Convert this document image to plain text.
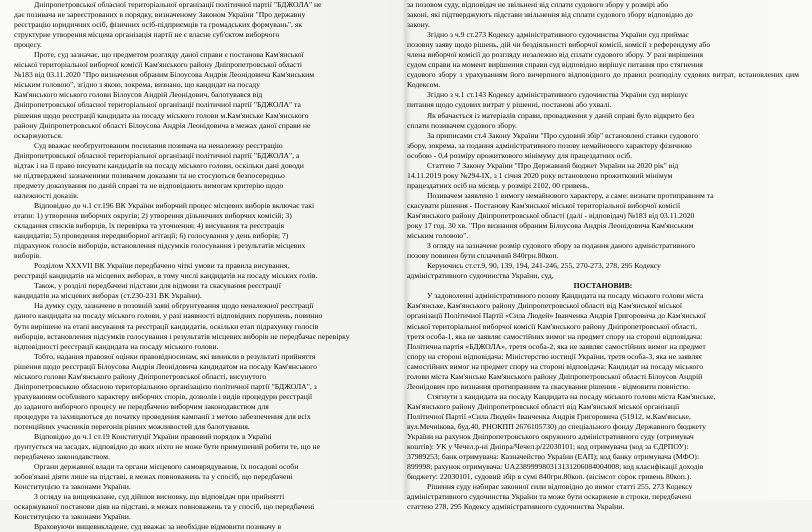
Дніпропетровської обласної територіальної організації політичної партії "БДЖОЛА" не

дає позивача не зареєстрованих в порядку, визначеному Законом України "Про державну

реєстрацію юридичних осіб, фізичних осіб-підприємців та громадських формувань", як

структурне утворення місцева організація партії не є власне суб'єктом виборчого

процесу.

Проте, суд зазначає, що предметом розгляду даної справи є постанова Кам'янської

міської територіальної виборчої комісії Кам'янського району Дніпропетровської області

№183 від 03.11.2020 "Про визначення обраним Білоусова Андрія Леонідовича Кам'янським

міським головою", згідно з якою, зокрема, визнано, що кандидат на посаду

Кам'янського міського голови Білоусов Андрій Леонідович, балотувався від

Дніпропетровської обласної територіальної організації політичної партії "БДЖОЛА" та

рішення щодо реєстрації кандидата на посаду міського голови м.Кам'янське Кам'янського

району Дніпропетровської області Білоусова Андрія Леонідовича в межах даної справи не

оскаржуються.

Суд вважає необґрунтованим посилання позивача на неналежну реєстрацію

Дніпропетровської обласної територіальної організації політичної партії "БДЖОЛА", а

відтак і на її право висувати кандидатів на посаду міського голови, оскільки дані доводи

не підтверджені зазначеними позивачем доказами та не стосуються безпосередньо

предмету доказування по даній справі та не відповідають вимогам критерію щодо

належності доказів.

Відповідно до ч.1 ст.196 ВК України виборчий процес місцевих виборів включає такі

етапи: 1) утворення виборчих округів; 2) утворення дільничних виборчих комісій; 3)

складання списків виборців, їх перевірка та уточнення; 4) висування та реєстрація

кандидатів; 5) проведення передвиборної агітації; 6) голосування у день виборів; 7)

підрахунок голосів виборців, встановлення підсумків голосування і результатів місцевих

виборів.

Розділом XXXVII ВК України передбачено чіткі умови та правила висування,

реєстрації кандидатів на місцевих виборах, в тому числі кандидатів на посаду міських голів.

Також, у розділі передбачені підстави для відмови та скасування реєстрації

кандидатів на місцевих виборах (ст.230-231 ВК України).

На думку суду, зазначене в позовній заяві обґрунтування щодо неналежної реєстрації

даного кандидата на посаду міського голови, у разі наявності відповідних порушень, повинно

бути вирішене на етапі висування та реєстрації кандидатів, оскільки етап підрахунку голосів

виборців, встановлення підсумків голосування і результатів місцевих виборів не передбачає перевірку

відповідності реєстрації кандидата на посаду міського голови.

Тобто, надання правової оцінки правовідносинам, які виникли в результаті прийняття

рішення щодо реєстрації Білоусова Андрія Леонідовича кандидатом на посаду Кам'янського

міського голови Кам'янського району Дніпропетровської області, висунутого

Дніпропетровською обласною територіальною організацією політичної партії "БДЖОЛА", з

урахуванням особливого характеру виборчих спорів, дозволів і видів процедури реєстрації

до заданого виборчого процесу не передбачено виборчим законодавством для

процедури та захищаються до початку проведення кампанії з метою забезпечення для всіх

потенційних учасників перегонів рівних можливостей для балотування.

Відповідно до ч.1 ст.19 Конституції України правовий порядок в Україні

ґрунтується на засадах, відповідно до яких ніхто не може бути примушений робити те, що не

передбачено законодавством.

Органи державної влади та органи місцевого самоврядування, їх посадові особи

зобов'язані діяти лише на підставі, в межах повноважень та у спосіб, що передбачені

Конституцією та законами України.

З огляду на вищевказане, суд дійшов висновку, що відповідач при прийнятті

оскаржуваної постанови діяв на підставі, в межах повноважень та у спосіб, що передбачені

Конституцією та законами України.

Враховуючи вищевикладене, суд вважає за необхідне відмовити позивачу в

за позовом суду, відповідач не звільнені від сплати судового збору у розмірі або

законі, які підтверджують підстави звільнення від сплати судового збору відповідно до

закону.

Згідно з ч.9 ст.273 Кодексу адміністративного судочинства України суд приймає

позовну заяву щодо рішень, дій чи бездіяльності виборчої комісії, комісії з референдуму або

члена виборчої комісії до розгляду незалежно від сплати судового збору. У разі вирішення

судом справи на момент вирішення справи суд відповідно вирішує питання про стягнення

судового збору з урахуванням його вичерпного відповідного до правил розподілу судових витрат, встановлених цим Кодексом.

Згідно з ч.1 ст.143 Кодексу адміністративного судочинства України суд вирішує

питання щодо судових витрат у рішенні, постанові або ухвалі.

Як вбачається із матеріалів справи, провадження у даній справі було відкрито без

сплати позивачем судового збору.

За приписами ст.4 Закону України "Про судовий збір" встановлені ставки судового

збору, зокрема, за подання адміністративного позову немайнового характеру фізичною

особою - 0,4 розміру прожиткового мінімуму для працездатних осіб.

Статтею 7 Закону України "Про Державний бюджет України на 2020 рік" від

14.11.2019 року №294-IX, з 1 січня 2020 року встановлено прожитковий мінімум

працездатних осіб на місяць у розмірі 2102, 00 гривень.

Позивачем заявлено 1 вимогу немайнового характеру, а саме: визнати протиправним та

скасувати рішення - Постанову Кам'янської міської територіальної виборчої комісії

Кам'янського району Дніпропетровської області (далі - відповідач) №183 від 03.11.2020

року 17 год. 30 хв. "Про визнання обраним Білоусова Андрія Леонідовича Кам'янським

міським головою".

З огляду на зазначене розмір судового збору за подання даного адміністративного

позову повинен бути сплачений 840грн.80коп.

Керуючись ст.ст.9, 90, 139, 194, 241-246, 255, 270-273, 278, 295 Кодексу

адміністративного судочинства України, суд,

ПОСТАНОВИВ:

У задоволенні адміністративного позову Кандидата на посаду міського голови міста

Кам'янське, Кам'янського району Дніпропетровської області від Кам'янської міської

організації Політичної Партії «Сила Людей» Іванченка Андрія Григоровича до Кам'янської

міської територіальної виборчої комісії Кам'янського району Дніпропетровської області,

третя особа-1, яка не заявляє самостійних вимог на предмет спору на стороні відповідача:

Політична партія «БДЖОЛА», третя особа-2, яка не заявляє самостійних вимог на предмет

спору на стороні відповідача: Міністерство юстиції України, третя особа-3, яка не заявляє

самостійних вимог на предмет спору на стороні відповідача: Кандидат на посаду міського

голови міста Кам'янське Кам'янського району Дніпропетровської області Білоусов Андрій

Леонідович про визнання протиправним та скасування рішення - відмовити повністю.

Стягнути з кандидата на посаду Кандидата на посаду міського голови міста Кам'янське,

Кам'янського району Дніпропетровської області від Кам'янської міської організації

Політичної Партії «Сила Людей» Іванченка Андрія Григоровича (51912, м.Кам'янське,

вул.Мечнікова, буд.40, РНОКПП 2676105730) до спеціального фонду Державного бюджету

України на рахунок Дніпропетровського окружного адміністративного суду (отримувач

коштів): УК у Чечел.р-ні Дніпра/Чечел.р/22030101; код отримувача (код за ЄДРПОУ):

37989253; банк отримувача: Казначейство України (ЕАП); код банку отримувача (МФО):

899998; рахунок отримувача: UA238999980313131206084004008; код класифікації доходів

бюджету: 22030101, судовий збір в сумі 840грн.80коп. (вісімсот сорок гривень 80коп.).

Рішення суду набирає законної сили відповідно до вимог статті 255, 273 Кодексу

адміністративного судочинства України та може бути оскаржене в строки, передбачені

статтею 278, 295 Кодексу адміністративного судочинства України.
